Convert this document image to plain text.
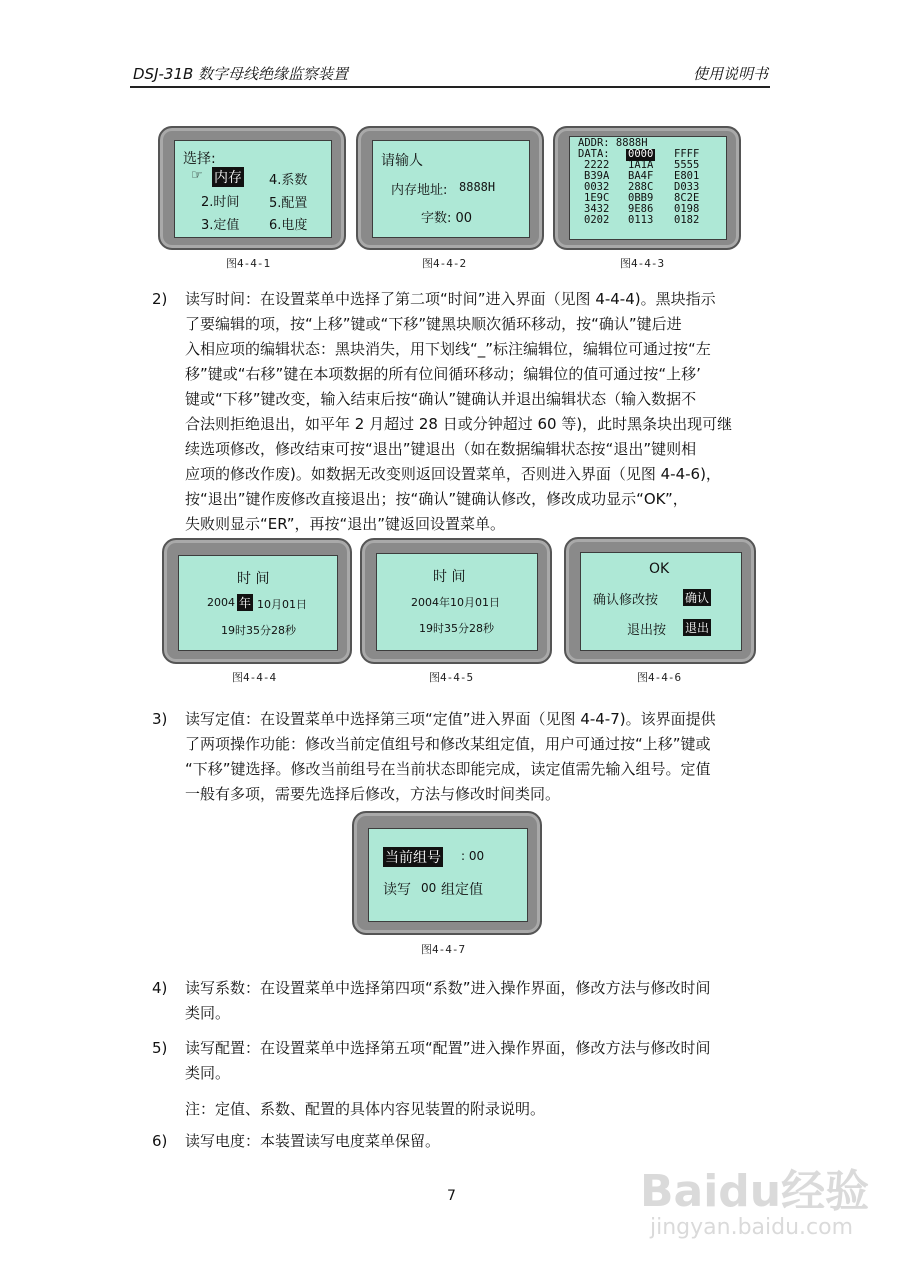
DSJ-31B 数字母线绝缘监察装置	使用说明书
选择:
☞ 内存 4.系数
2.时间 5.配置
3.定值 6.电度
图4-4-1
请输人
内存地址: 8888H
字数: 00
图4-4-2
ADDR: 8888H
DATA: 0000 FFFF
2222 1A1A 5555
B39A BA4F E801
0032 288C D033
1E9C 0BB9 8C2E
3432 9E86 0198
0202 0113 0182
图4-4-3
2) 读写时间：在设置菜单中选择了第二项“时间”进入界面（见图 4-4-4)。黑块指示
了要编辑的项，按“上移”键或“下移”键黑块顺次循环移动，按“确认”键后进
入相应项的编辑状态：黑块消失，用下划线“_”标注编辑位，编辑位可通过按“左
移”键或“右移”键在本项数据的所有位间循环移动；编辑位的值可通过按“上移’
键或“下移”键改变，输入结束后按“确认”键确认并退出编辑状态（输入数据不
合法则拒绝退出，如平年 2 月超过 28 日或分钟超过 60 等)，此时黑条块出现可继
续选项修改，修改结束可按“退出”键退出（如在数据编辑状态按“退出”键则相
应项的修改作废)。如数据无改变则返回设置菜单，否则进入界面（见图 4-4-6)，
按“退出”键作废修改直接退出；按“确认”键确认修改，修改成功显示“OK”，
失败则显示“ER”，再按“退出”键返回设置菜单。
时 间
2004 年 10月01日
19时35分28秒
图4-4-4
时 间
2004年10月01日
19时35分28秒
图4-4-5
OK
确认修改按 确认
退出按 退出
图4-4-6
3) 读写定值：在设置菜单中选择第三项“定值”进入界面（见图 4-4-7)。该界面提供
了两项操作功能：修改当前定值组号和修改某组定值，用户可通过按“上移”键或
“下移”键选择。修改当前组号在当前状态即能完成，读定值需先输入组号。定值
一般有多项，需要先选择后修改，方法与修改时间类同。
当前组号 : 00
读写 00 组定值
图4-4-7
4) 读写系数：在设置菜单中选择第四项“系数”进入操作界面，修改方法与修改时间
类同。
5) 读写配置：在设置菜单中选择第五项“配置”进入操作界面，修改方法与修改时间
类同。
注：定值、系数、配置的具体内容见装置的附录说明。
6) 读写电度：本装置读写电度菜单保留。
7	Baidu经验
jingyan.baidu.com
